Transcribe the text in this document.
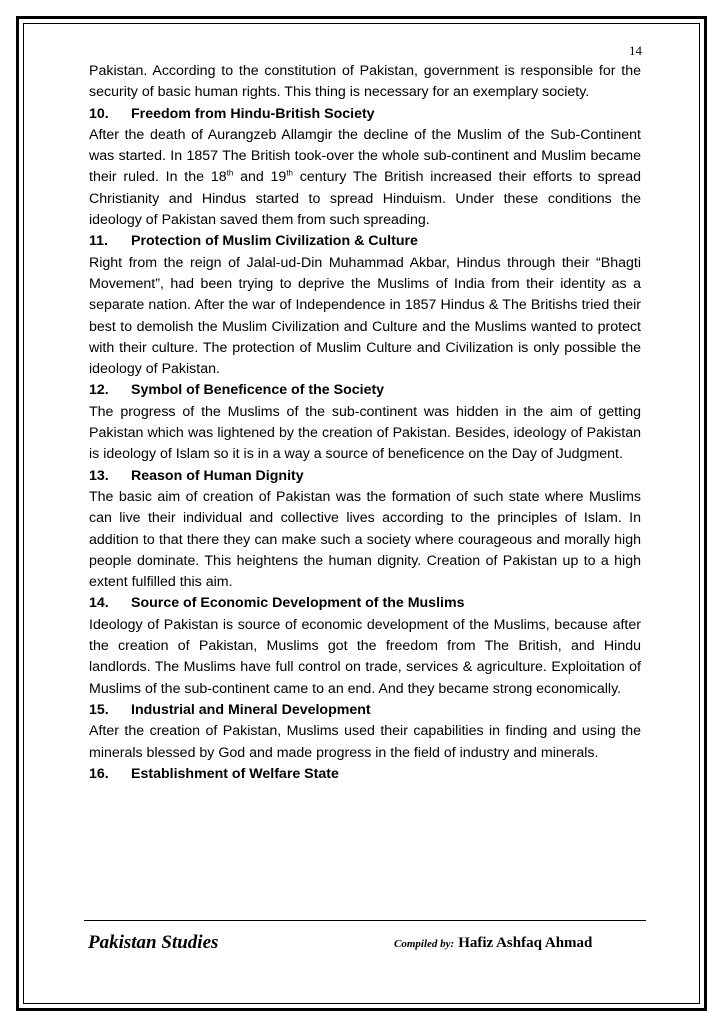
14

Pakistan. According to the constitution of Pakistan, government is responsible for the security of basic human rights. This thing is necessary for an exemplary society.

10. Freedom from Hindu-British Society

After the death of Aurangzeb Allamgir the decline of the Muslim of the Sub-Continent was started. In 1857 The British took-over the whole sub-continent and Muslim became their ruled. In the 18th and 19th century The British increased their efforts to spread Christianity and Hindus started to spread Hinduism. Under these conditions the ideology of Pakistan saved them from such spreading.

11. Protection of Muslim Civilization & Culture

Right from the reign of Jalal-ud-Din Muhammad Akbar, Hindus through their “Bhagti Movement”, had been trying to deprive the Muslims of India from their identity as a separate nation. After the war of Independence in 1857 Hindus & The Britishs tried their best to demolish the Muslim Civilization and Culture and the Muslims wanted to protect with their culture. The protection of Muslim Culture and Civilization is only possible the ideology of Pakistan.

12. Symbol of Beneficence of the Society

The progress of the Muslims of the sub-continent was hidden in the aim of getting Pakistan which was lightened by the creation of Pakistan. Besides, ideology of Pakistan is ideology of Islam so it is in a way a source of beneficence on the Day of Judgment.

13. Reason of Human Dignity

The basic aim of creation of Pakistan was the formation of such state where Muslims can live their individual and collective lives according to the principles of Islam. In addition to that there they can make such a society where courageous and morally high people dominate. This heightens the human dignity. Creation of Pakistan up to a high extent fulfilled this aim.

14. Source of Economic Development of the Muslims

Ideology of Pakistan is source of economic development of the Muslims, because after the creation of Pakistan, Muslims got the freedom from The British, and Hindu landlords. The Muslims have full control on trade, services & agriculture. Exploitation of Muslims of the sub-continent came to an end. And they became strong economically.

15. Industrial and Mineral Development

After the creation of Pakistan, Muslims used their capabilities in finding and using the minerals blessed by God and made progress in the field of industry and minerals.

16. Establishment of Welfare State
Pakistan Studies	Compiled by: Hafiz Ashfaq Ahmad
